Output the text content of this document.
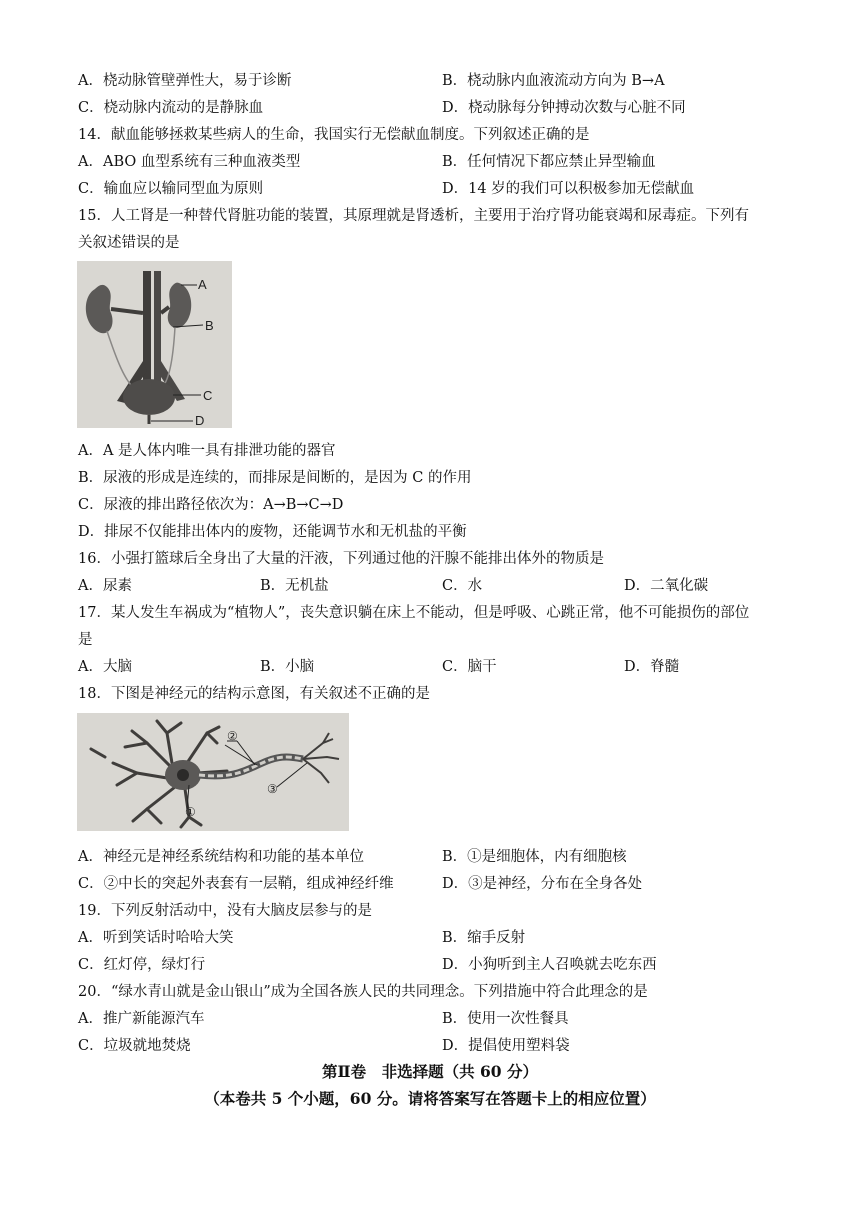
A．桡动脉管壁弹性大，易于诊断	B．桡动脉内血液流动方向为 B→A
C．桡动脉内流动的是静脉血	D．桡动脉每分钟搏动次数与心脏不同
14．献血能够拯救某些病人的生命，我国实行无偿献血制度。下列叙述正确的是
A．ABO 血型系统有三种血液类型	B．任何情况下都应禁止异型输血
C．输血应以输同型血为原则	D．14 岁的我们可以积极参加无偿献血
15．人工肾是一种替代肾脏功能的装置，其原理就是肾透析，主要用于治疗肾功能衰竭和尿毒症。下列有
关叙述错误的是
A
B
C
D
A．A 是人体内唯一具有排泄功能的器官
B．尿液的形成是连续的，而排尿是间断的，是因为 C 的作用
C．尿液的排出路径依次为：A→B→C→D
D．排尿不仅能排出体内的废物，还能调节水和无机盐的平衡
16．小强打篮球后全身出了大量的汗液，下列通过他的汗腺不能排出体外的物质是
A．尿素	B．无机盐	C．水	D．二氧化碳
17．某人发生车祸成为“植物人”，丧失意识躺在床上不能动，但是呼吸、心跳正常，他不可能损伤的部位
是
A．大脑	B．小脑	C．脑干	D．脊髓
18．下图是神经元的结构示意图，有关叙述不正确的是
②
③
①
A．神经元是神经系统结构和功能的基本单位	B．①是细胞体，内有细胞核
C．②中长的突起外表套有一层鞘，组成神经纤维	D．③是神经，分布在全身各处
19．下列反射活动中，没有大脑皮层参与的是
A．听到笑话时哈哈大笑	B．缩手反射
C．红灯停，绿灯行	D．小狗听到主人召唤就去吃东西
20．“绿水青山就是金山银山”成为全国各族人民的共同理念。下列措施中符合此理念的是
A．推广新能源汽车	B．使用一次性餐具
C．垃圾就地焚烧	D．提倡使用塑料袋
第Ⅱ卷　非选择题（共 60 分）
（本卷共 5 个小题，60 分。请将答案写在答题卡上的相应位置）
